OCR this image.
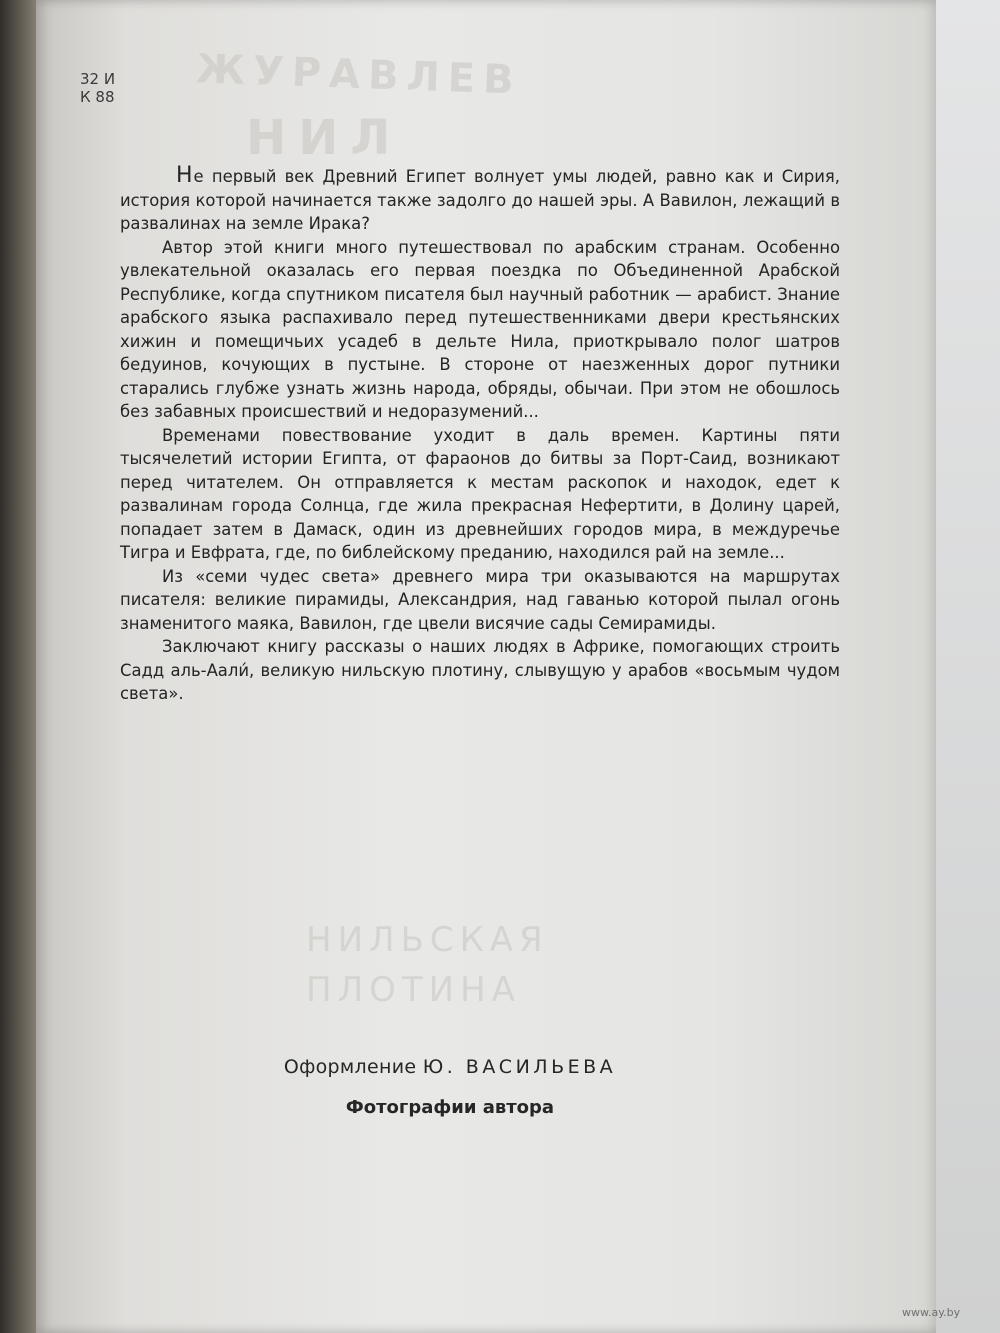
ЖУРАВЛЕВ
НИЛ
НИЛЬСКАЯ
ПЛОТИНА
32 И
К 88

Не первый век Древний Египет волнует умы людей, равно как и Сирия, история которой начинается также задолго до нашей эры. А Вавилон, лежащий в развалинах на земле Ирака?

Автор этой книги много путешествовал по арабским странам. Особенно увлекательной оказалась его первая поездка по Объединенной Арабской Республике, когда спутником писателя был научный работник — арабист. Знание арабского языка распахивало перед путешественниками двери крестьянских хижин и помещичьих усадеб в дельте Нила, приоткрывало полог шатров бедуинов, кочующих в пустыне. В стороне от наезженных дорог путники старались глубже узнать жизнь народа, обряды, обычаи. При этом не обошлось без забавных происшествий и недоразумений...

Временами повествование уходит в даль времен. Картины пяти тысячелетий истории Египта, от фараонов до битвы за Порт-Саид, возникают перед читателем. Он отправляется к местам раскопок и находок, едет к развалинам города Солнца, где жила прекрасная Нефертити, в Долину царей, попадает затем в Дамаск, один из древнейших городов мира, в междуречье Тигра и Евфрата, где, по библейскому преданию, находился рай на земле...

Из «семи чудес света» древнего мира три оказываются на маршрутах писателя: великие пирамиды, Александрия, над гаванью которой пылал огонь знаменитого маяка, Вавилон, где цвели висячие сады Семирамиды.

Заключают книгу рассказы о наших людях в Африке, помогающих строить Садд аль-Аали́, великую нильскую плотину, слывущую у арабов «восьмым чудом света».

Оформление Ю. ВАСИЛЬЕВА
Фотографии автора
www.ay.by
